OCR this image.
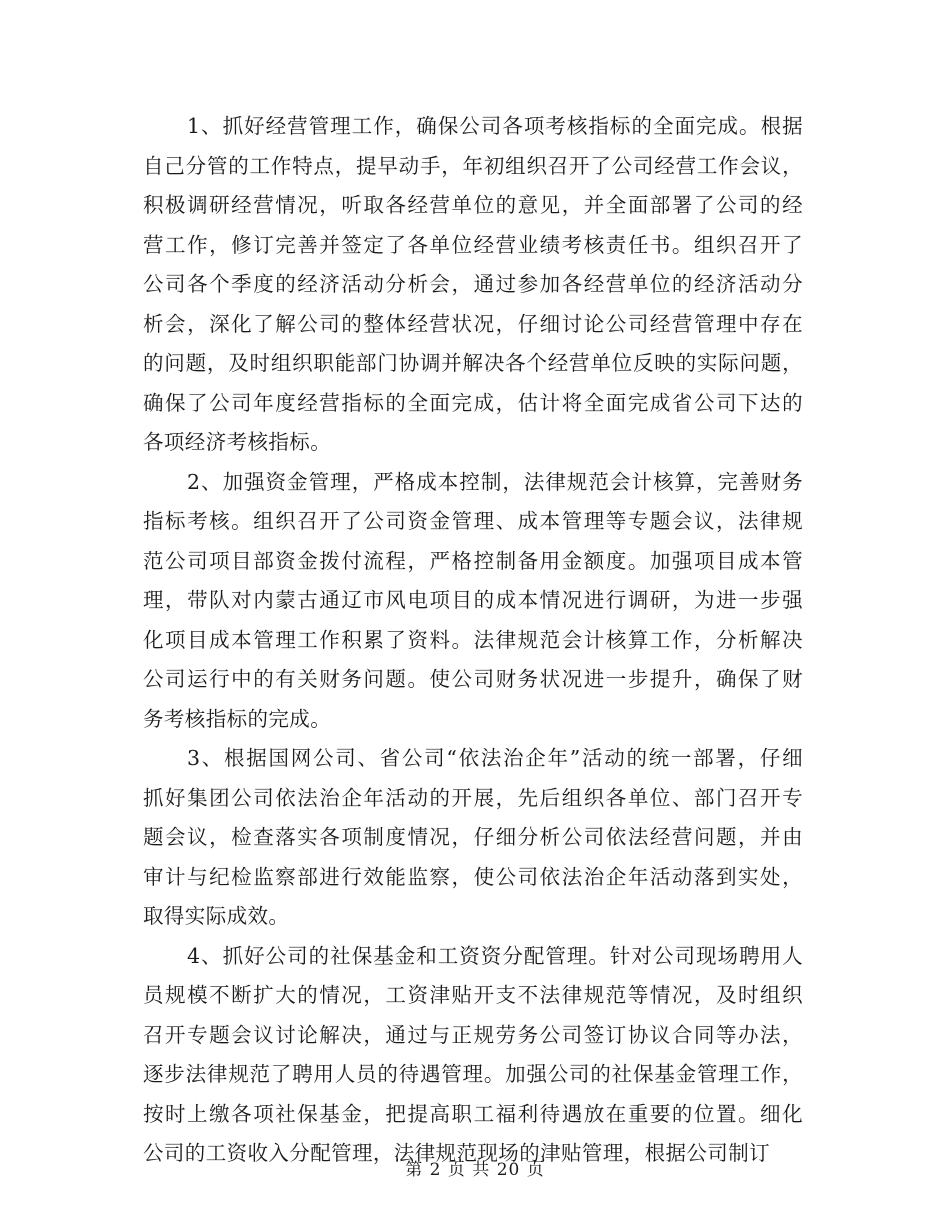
1、抓好经营管理工作，确保公司各项考核指标的全面完成。根据
自己分管的工作特点，提早动手，年初组织召开了公司经营工作会议，
积极调研经营情况，听取各经营单位的意见，并全面部署了公司的经
营工作，修订完善并签定了各单位经营业绩考核责任书。组织召开了
公司各个季度的经济活动分析会，通过参加各经营单位的经济活动分
析会，深化了解公司的整体经营状况，仔细讨论公司经营管理中存在
的问题，及时组织职能部门协调并解决各个经营单位反映的实际问题，
确保了公司年度经营指标的全面完成，估计将全面完成省公司下达的
各项经济考核指标。
2、加强资金管理，严格成本控制，法律规范会计核算，完善财务
指标考核。组织召开了公司资金管理、成本管理等专题会议，法律规
范公司项目部资金拨付流程，严格控制备用金额度。加强项目成本管
理，带队对内蒙古通辽市风电项目的成本情况进行调研，为进一步强
化项目成本管理工作积累了资料。法律规范会计核算工作，分析解决
公司运行中的有关财务问题。使公司财务状况进一步提升，确保了财
务考核指标的完成。
3、根据国网公司、省公司“依法治企年”活动的统一部署，仔细
抓好集团公司依法治企年活动的开展，先后组织各单位、部门召开专
题会议，检查落实各项制度情况，仔细分析公司依法经营问题，并由
审计与纪检监察部进行效能监察，使公司依法治企年活动落到实处，
取得实际成效。
4、抓好公司的社保基金和工资资分配管理。针对公司现场聘用人
员规模不断扩大的情况，工资津贴开支不法律规范等情况，及时组织
召开专题会议讨论解决，通过与正规劳务公司签订协议合同等办法，
逐步法律规范了聘用人员的待遇管理。加强公司的社保基金管理工作，
按时上缴各项社保基金，把提高职工福利待遇放在重要的位置。细化
公司的工资收入分配管理，法律规范现场的津贴管理，根据公司制订
第 2 页 共 20 页
